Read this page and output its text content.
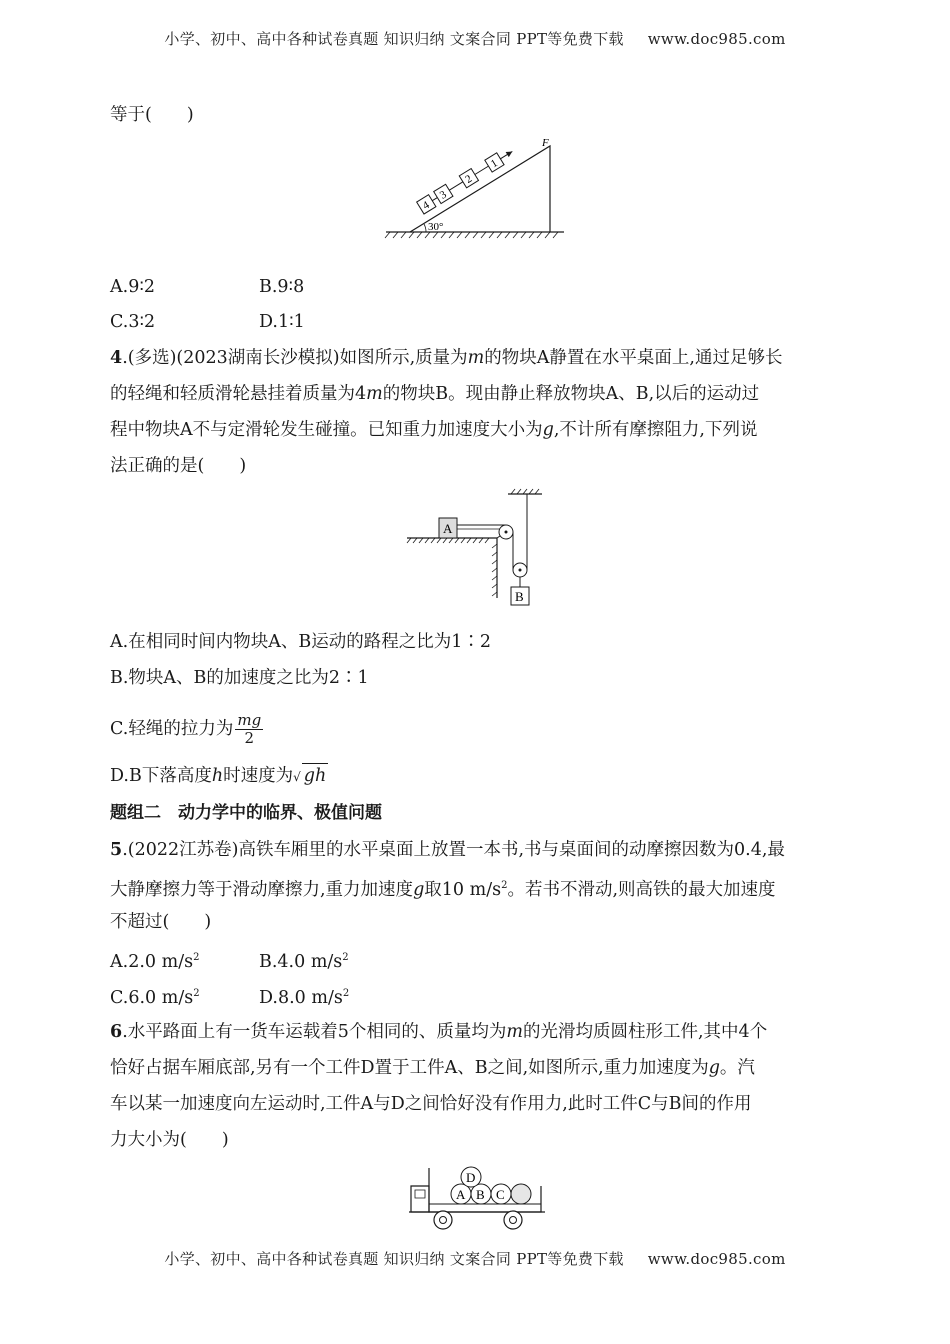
小学、初中、高中各种试卷真题 知识归纳 文案合同 PPT等免费下载 www.doc985.com
小学、初中、高中各种试卷真题 知识归纳 文案合同 PPT等免费下载 www.doc985.com
等于(　　)
30°
4
3
2
1
F
A.9∶2	B.9∶8
C.3∶2	D.1∶1
4.(多选)(2023湖南长沙模拟)如图所示,质量为m的物块A静置在水平桌面上,通过足够长
的轻绳和轻质滑轮悬挂着质量为4m的物块B。现由静止释放物块A、B,以后的运动过
程中物块A不与定滑轮发生碰撞。已知重力加速度大小为g,不计所有摩擦阻力,下列说
法正确的是(　　)
A
B
A.在相同时间内物块A、B运动的路程之比为1∶2
B.物块A、B的加速度之比为2∶1
C.轻绳的拉力为 $\frac{mg}{2}$
D.B下落高度h时速度为√ gh
题组二　动力学中的临界、极值问题
5.(2022江苏卷)高铁车厢里的水平桌面上放置一本书,书与桌面间的动摩擦因数为0.4,最
大静摩擦力等于滑动摩擦力,重力加速度g取10 $m/s^2$。若书不滑动,则高铁的最大加速度
不超过(　　)
A.2.0 $m/s^2$	B.4.0 $m/s^2$
C.6.0 $m/s^2$	D.8.0 $m/s^2$
6.水平路面上有一货车运载着5个相同的、质量均为m的光滑均质圆柱形工件,其中4个
恰好占据车厢底部,另有一个工件D置于工件A、B之间,如图所示,重力加速度为g。汽
车以某一加速度向左运动时,工件A与D之间恰好没有作用力,此时工件C与B间的作用
力大小为(　　)
A B C
D
